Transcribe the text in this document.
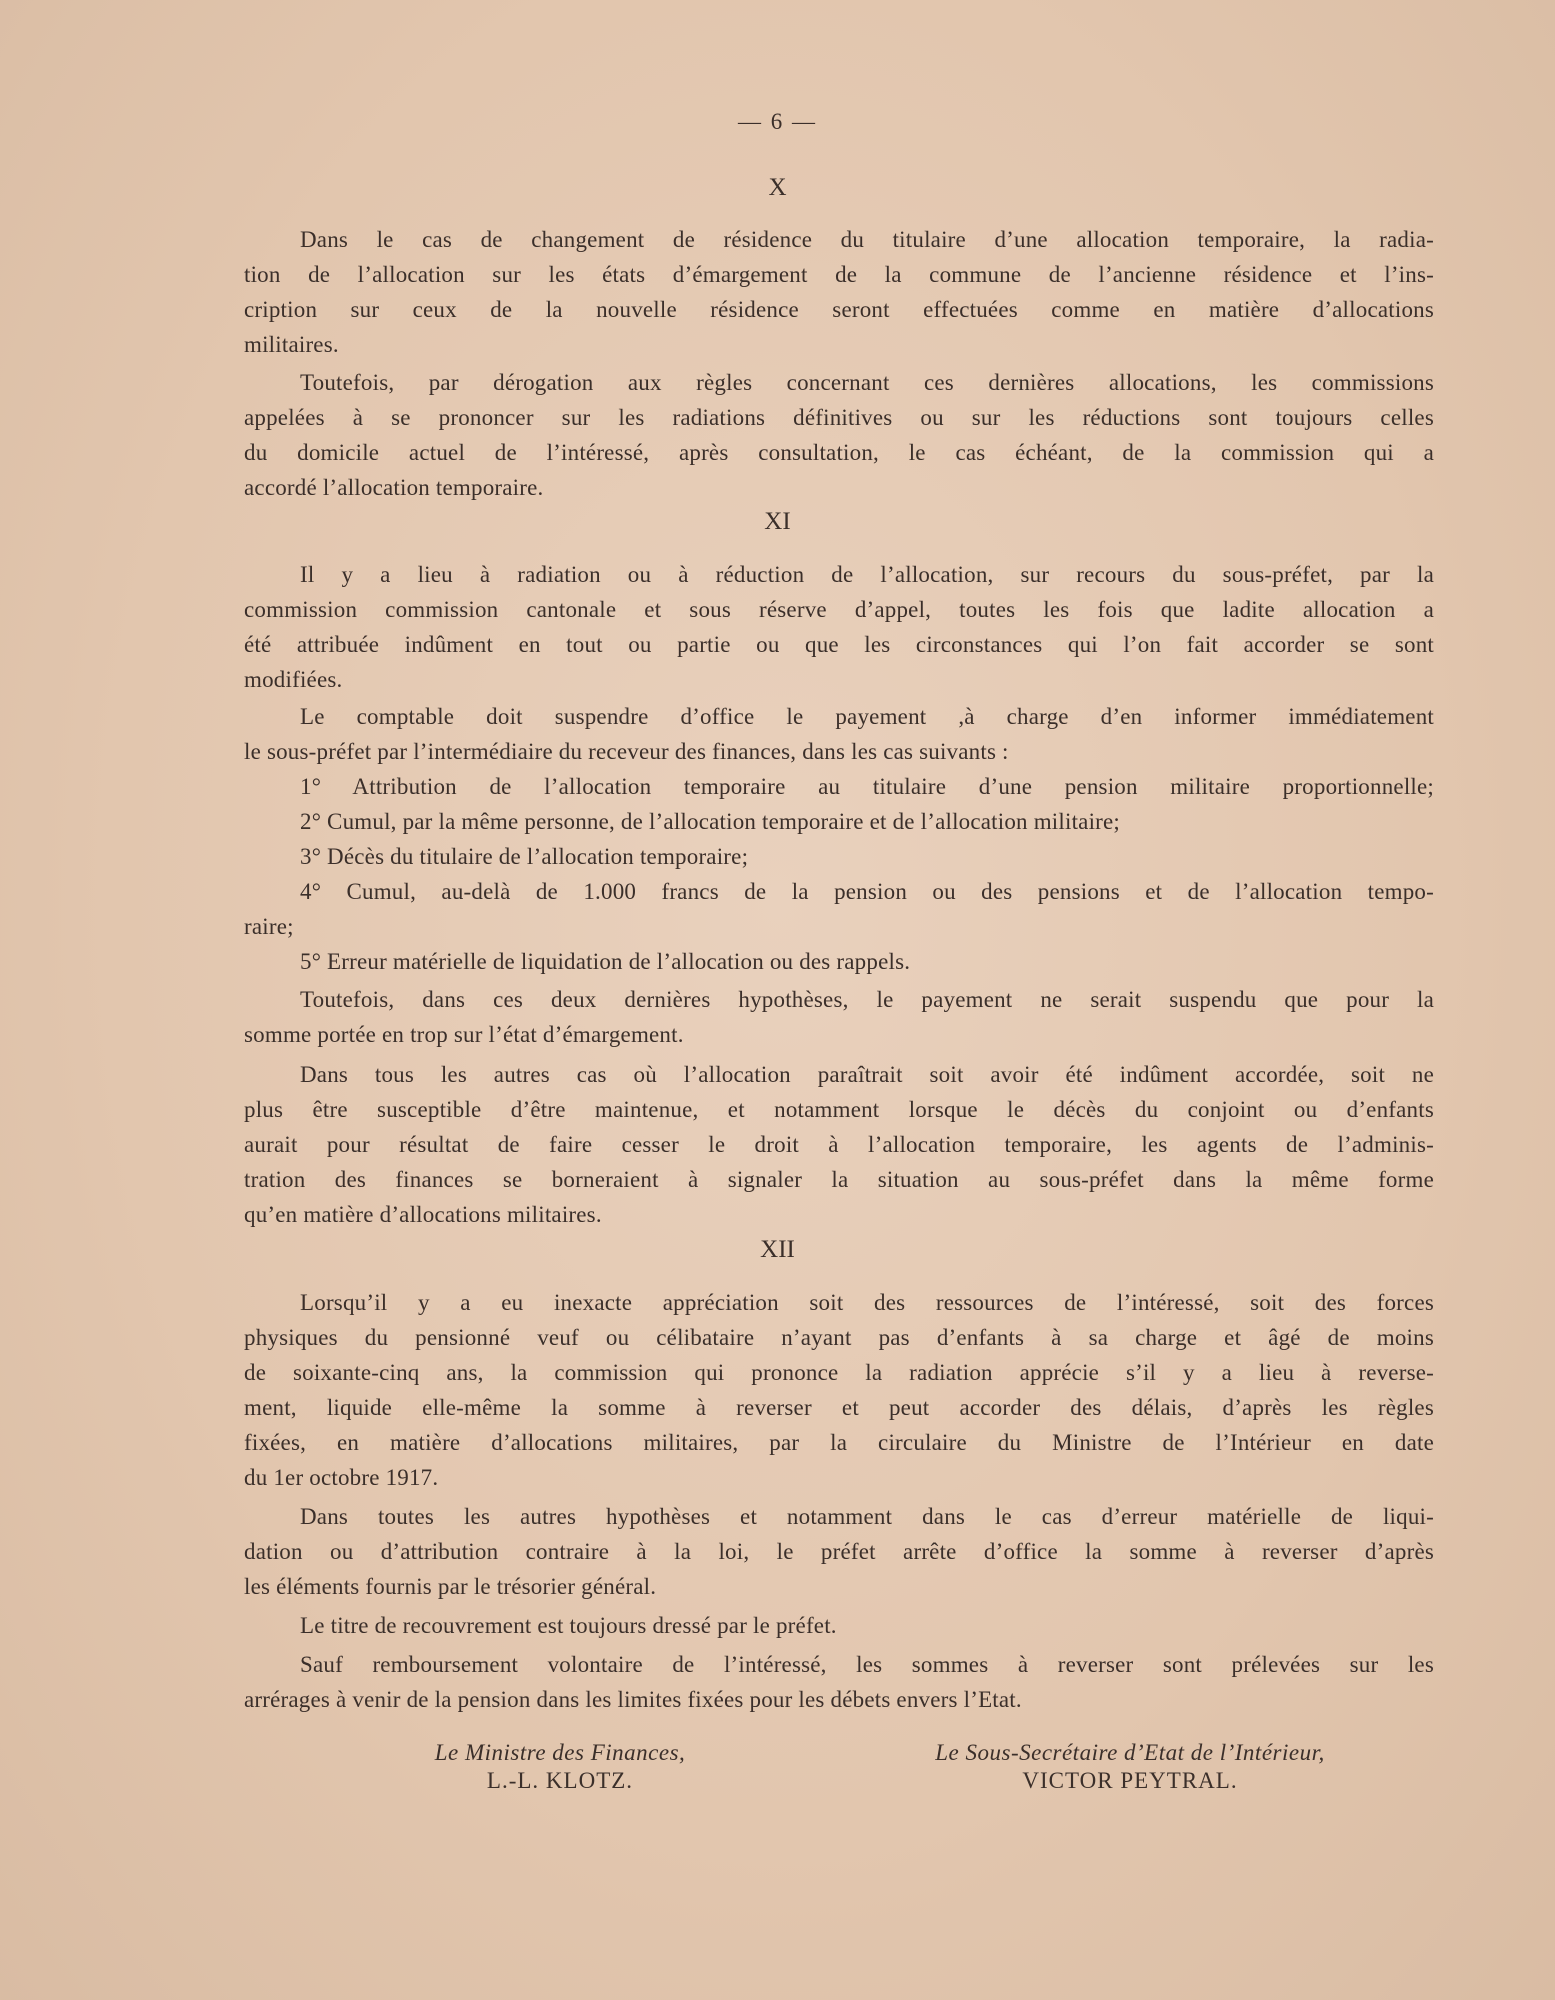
— 6 —
X
Dans le cas de changement de résidence du titulaire d’une allocation temporaire, la radia-
tion de l’allocation sur les états d’émargement de la commune de l’ancienne résidence et l’ins-
cription sur ceux de la nouvelle résidence seront effectuées comme en matière d’allocations
militaires.
Toutefois, par dérogation aux règles concernant ces dernières allocations, les commissions
appelées à se prononcer sur les radiations définitives ou sur les réductions sont toujours celles
du domicile actuel de l’intéressé, après consultation, le cas échéant, de la commission qui a
accordé l’allocation temporaire.
XI
Il y a lieu à radiation ou à réduction de l’allocation, sur recours du sous-préfet, par la
commission commission cantonale et sous réserve d’appel, toutes les fois que ladite allocation a
été attribuée indûment en tout ou partie ou que les circonstances qui l’on fait accorder se sont
modifiées.
Le comptable doit suspendre d’office le payement ,à charge d’en informer immédiatement
le sous-préfet par l’intermédiaire du receveur des finances, dans les cas suivants :
1° Attribution de l’allocation temporaire au titulaire d’une pension militaire proportionnelle;
2° Cumul, par la même personne, de l’allocation temporaire et de l’allocation militaire;
3° Décès du titulaire de l’allocation temporaire;
4° Cumul, au-delà de 1.000 francs de la pension ou des pensions et de l’allocation tempo-
raire;
5° Erreur matérielle de liquidation de l’allocation ou des rappels.
Toutefois, dans ces deux dernières hypothèses, le payement ne serait suspendu que pour la
somme portée en trop sur l’état d’émargement.
Dans tous les autres cas où l’allocation paraîtrait soit avoir été indûment accordée, soit ne
plus être susceptible d’être maintenue, et notamment lorsque le décès du conjoint ou d’enfants
aurait pour résultat de faire cesser le droit à l’allocation temporaire, les agents de l’adminis-
tration des finances se borneraient à signaler la situation au sous-préfet dans la même forme
qu’en matière d’allocations militaires.
XII
Lorsqu’il y a eu inexacte appréciation soit des ressources de l’intéressé, soit des forces
physiques du pensionné veuf ou célibataire n’ayant pas d’enfants à sa charge et âgé de moins
de soixante-cinq ans, la commission qui prononce la radiation apprécie s’il y a lieu à reverse-
ment, liquide elle-même la somme à reverser et peut accorder des délais, d’après les règles
fixées, en matière d’allocations militaires, par la circulaire du Ministre de l’Intérieur en date
du 1er octobre 1917.
Dans toutes les autres hypothèses et notamment dans le cas d’erreur matérielle de liqui-
dation ou d’attribution contraire à la loi, le préfet arrête d’office la somme à reverser d’après
les éléments fournis par le trésorier général.
Le titre de recouvrement est toujours dressé par le préfet.
Sauf remboursement volontaire de l’intéressé, les sommes à reverser sont prélevées sur les
arrérages à venir de la pension dans les limites fixées pour les débets envers l’Etat.
Le Ministre des Finances,
L.-L. KLOTZ.
Le Sous-Secrétaire d’Etat de l’Intérieur,
VICTOR PEYTRAL.
